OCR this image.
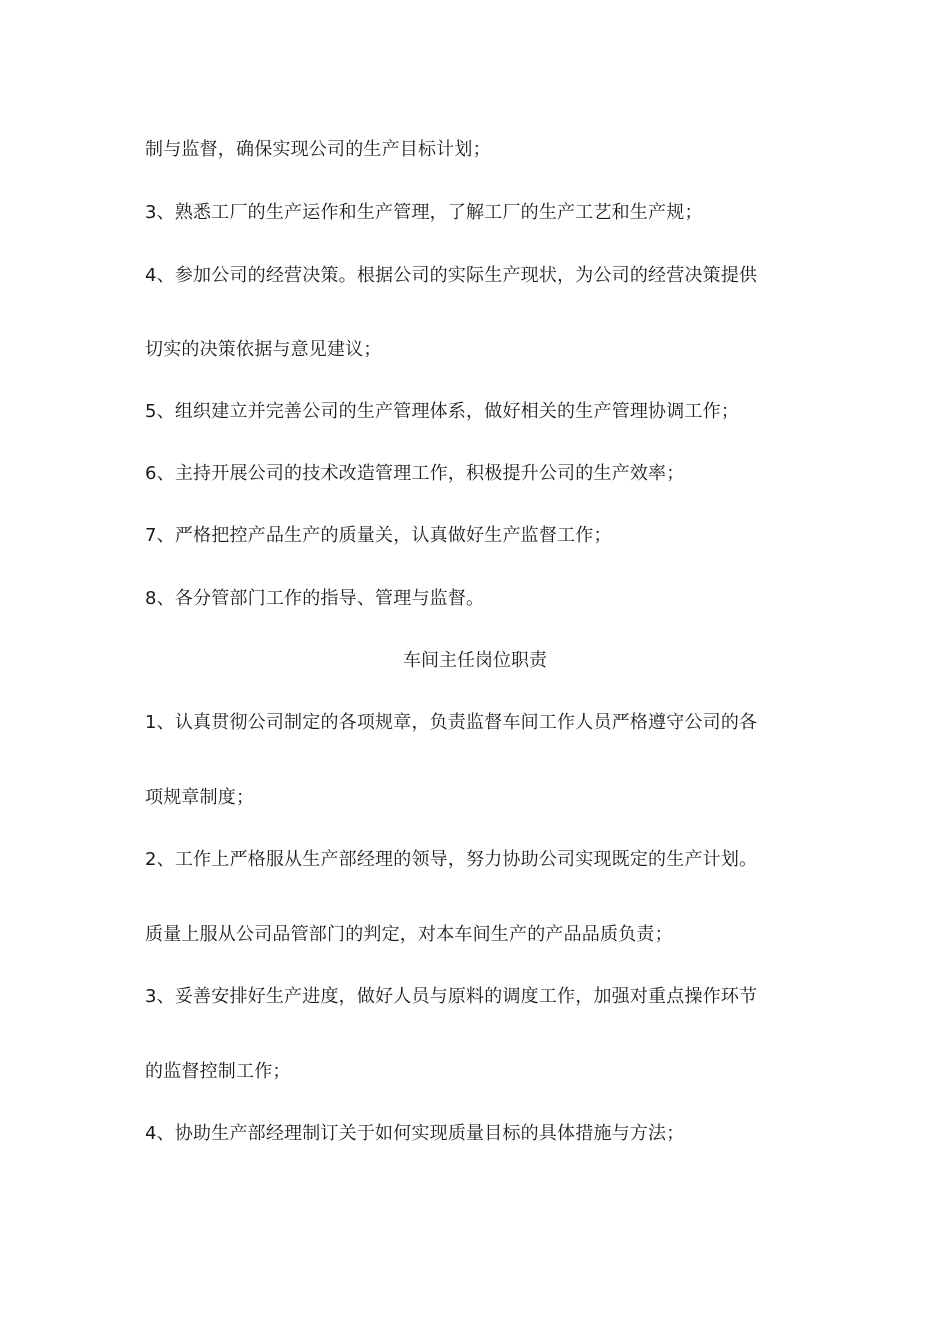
制与监督，确保实现公司的生产目标计划；
3、熟悉工厂的生产运作和生产管理，了解工厂的生产工艺和生产规；
4、参加公司的经营决策。根据公司的实际生产现状，为公司的经营决策提供
切实的决策依据与意见建议；
5、组织建立并完善公司的生产管理体系，做好相关的生产管理协调工作；
6、主持开展公司的技术改造管理工作，积极提升公司的生产效率；
7、严格把控产品生产的质量关，认真做好生产监督工作；
8、各分管部门工作的指导、管理与监督。
车间主任岗位职责
1、认真贯彻公司制定的各项规章，负责监督车间工作人员严格遵守公司的各
项规章制度；
2、工作上严格服从生产部经理的领导，努力协助公司实现既定的生产计划。
质量上服从公司品管部门的判定，对本车间生产的产品品质负责；
3、妥善安排好生产进度，做好人员与原料的调度工作，加强对重点操作环节
的监督控制工作；
4、协助生产部经理制订关于如何实现质量目标的具体措施与方法；
